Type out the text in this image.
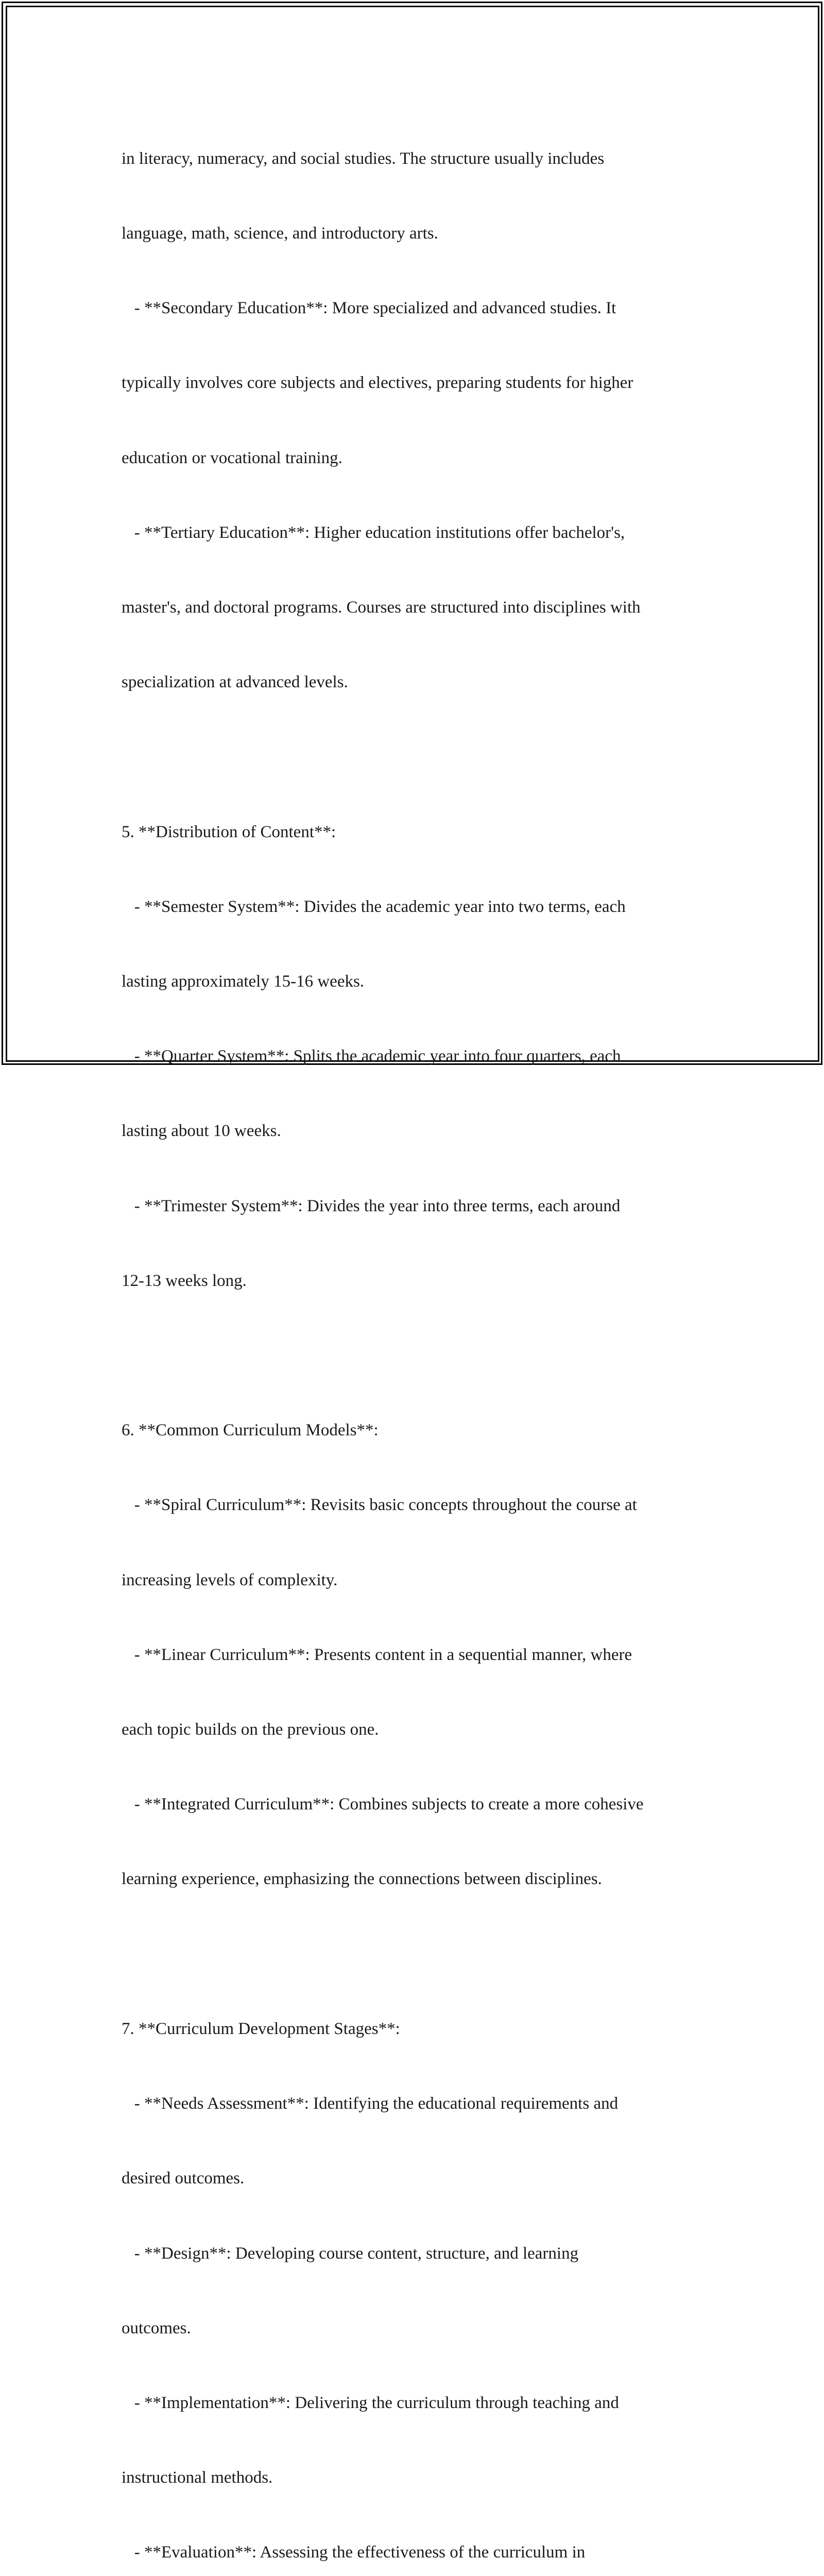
in literacy, numeracy, and social studies. The structure usually includes

language, math, science, and introductory arts.

- **Secondary Education**: More specialized and advanced studies. It

typically involves core subjects and electives, preparing students for higher

education or vocational training.

- **Tertiary Education**: Higher education institutions offer bachelor's,

master's, and doctoral programs. Courses are structured into disciplines with

specialization at advanced levels.

5. **Distribution of Content**:

- **Semester System**: Divides the academic year into two terms, each

lasting approximately 15-16 weeks.

- **Quarter System**: Splits the academic year into four quarters, each

lasting about 10 weeks.

- **Trimester System**: Divides the year into three terms, each around

12-13 weeks long.

6. **Common Curriculum Models**:

- **Spiral Curriculum**: Revisits basic concepts throughout the course at

increasing levels of complexity.

- **Linear Curriculum**: Presents content in a sequential manner, where

each topic builds on the previous one.

- **Integrated Curriculum**: Combines subjects to create a more cohesive

learning experience, emphasizing the connections between disciplines.

7. **Curriculum Development Stages**:

- **Needs Assessment**: Identifying the educational requirements and

desired outcomes.

- **Design**: Developing course content, structure, and learning

outcomes.

- **Implementation**: Delivering the curriculum through teaching and

instructional methods.

- **Evaluation**: Assessing the effectiveness of the curriculum in
